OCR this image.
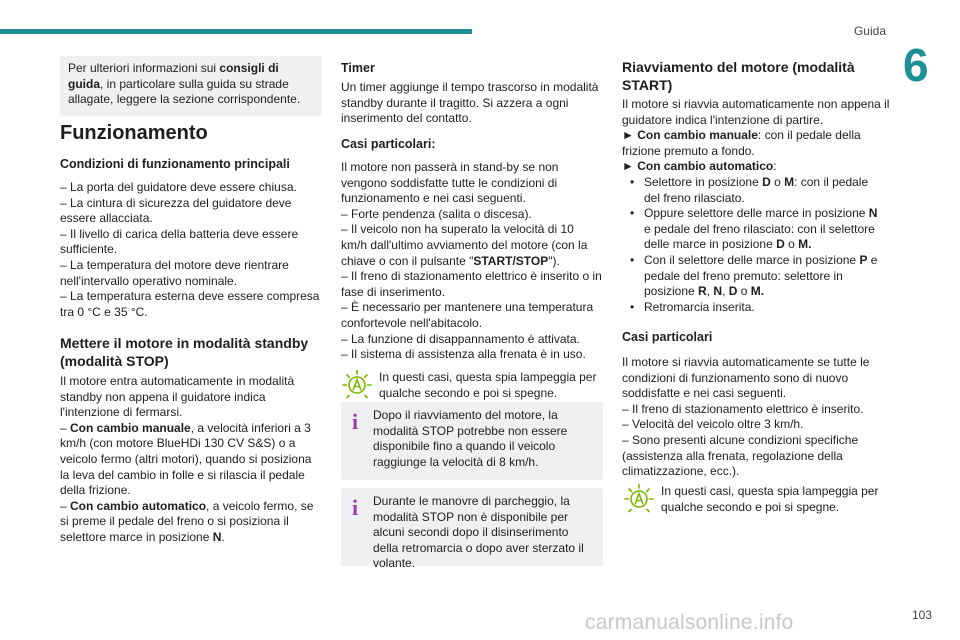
Guida
6
103
carmanualsonline.info
Per ulteriori informazioni sui consigli di guida, in particolare sulla guida su strade allagate, leggere la sezione corrispondente.
Funzionamento
Condizioni di funzionamento principali
– La porta del guidatore deve essere chiusa.
– La cintura di sicurezza del guidatore deve essere allacciata.
– Il livello di carica della batteria deve essere sufficiente.
– La temperatura del motore deve rientrare nell'intervallo operativo nominale.
– La temperatura esterna deve essere compresa tra 0 °C e 35 °C.
Mettere il motore in modalità standby (modalità STOP)
Il motore entra automaticamente in modalità standby non appena il guidatore indica l'intenzione di fermarsi.
– Con cambio manuale, a velocità inferiori a 3 km/h (con motore BlueHDi 130 CV S&S) o a veicolo fermo (altri motori), quando si posiziona la leva del cambio in folle e si rilascia il pedale della frizione.
– Con cambio automatico, a veicolo fermo, se si preme il pedale del freno o si posiziona il selettore marce in posizione N.
Timer
Un timer aggiunge il tempo trascorso in modalità standby durante il tragitto. Si azzera a ogni inserimento del contatto.
Casi particolari:
Il motore non passerà in stand-by se non vengono soddisfatte tutte le condizioni di funzionamento e nei casi seguenti.
– Forte pendenza (salita o discesa).
– Il veicolo non ha superato la velocità di 10 km/h dall'ultimo avviamento del motore (con la chiave o con il pulsante "START/STOP").
– Il freno di stazionamento elettrico è inserito o in fase di inserimento.
– È necessario per mantenere una temperatura confortevole nell'abitacolo.
– La funzione di disappannamento è attivata.
– Il sistema di assistenza alla frenata è in uso.
In questi casi, questa spia lampeggia per qualche secondo e poi si spegne.
i Dopo il riavviamento del motore, la modalità STOP potrebbe non essere disponibile fino a quando il veicolo raggiunge la velocità di 8 km/h.
i Durante le manovre di parcheggio, la modalità STOP non è disponibile per alcuni secondi dopo il disinserimento della retromarcia o dopo aver sterzato il volante.
Riavviamento del motore (modalità START)
Il motore si riavvia automaticamente non appena il guidatore indica l'intenzione di partire.
► Con cambio manuale: con il pedale della frizione premuto a fondo.
► Con cambio automatico:
• Selettore in posizione D o M: con il pedale del freno rilasciato.
• Oppure selettore delle marce in posizione N e pedale del freno rilasciato: con il selettore delle marce in posizione D o M.
• Con il selettore delle marce in posizione P e pedale del freno premuto: selettore in posizione R, N, D o M.
• Retromarcia inserita.
Casi particolari
Il motore si riavvia automaticamente se tutte le condizioni di funzionamento sono di nuovo soddisfatte e nei casi seguenti.
– Il freno di stazionamento elettrico è inserito.
– Velocità del veicolo oltre 3 km/h.
– Sono presenti alcune condizioni specifiche (assistenza alla frenata, regolazione della climatizzazione, ecc.).
In questi casi, questa spia lampeggia per qualche secondo e poi si spegne.
